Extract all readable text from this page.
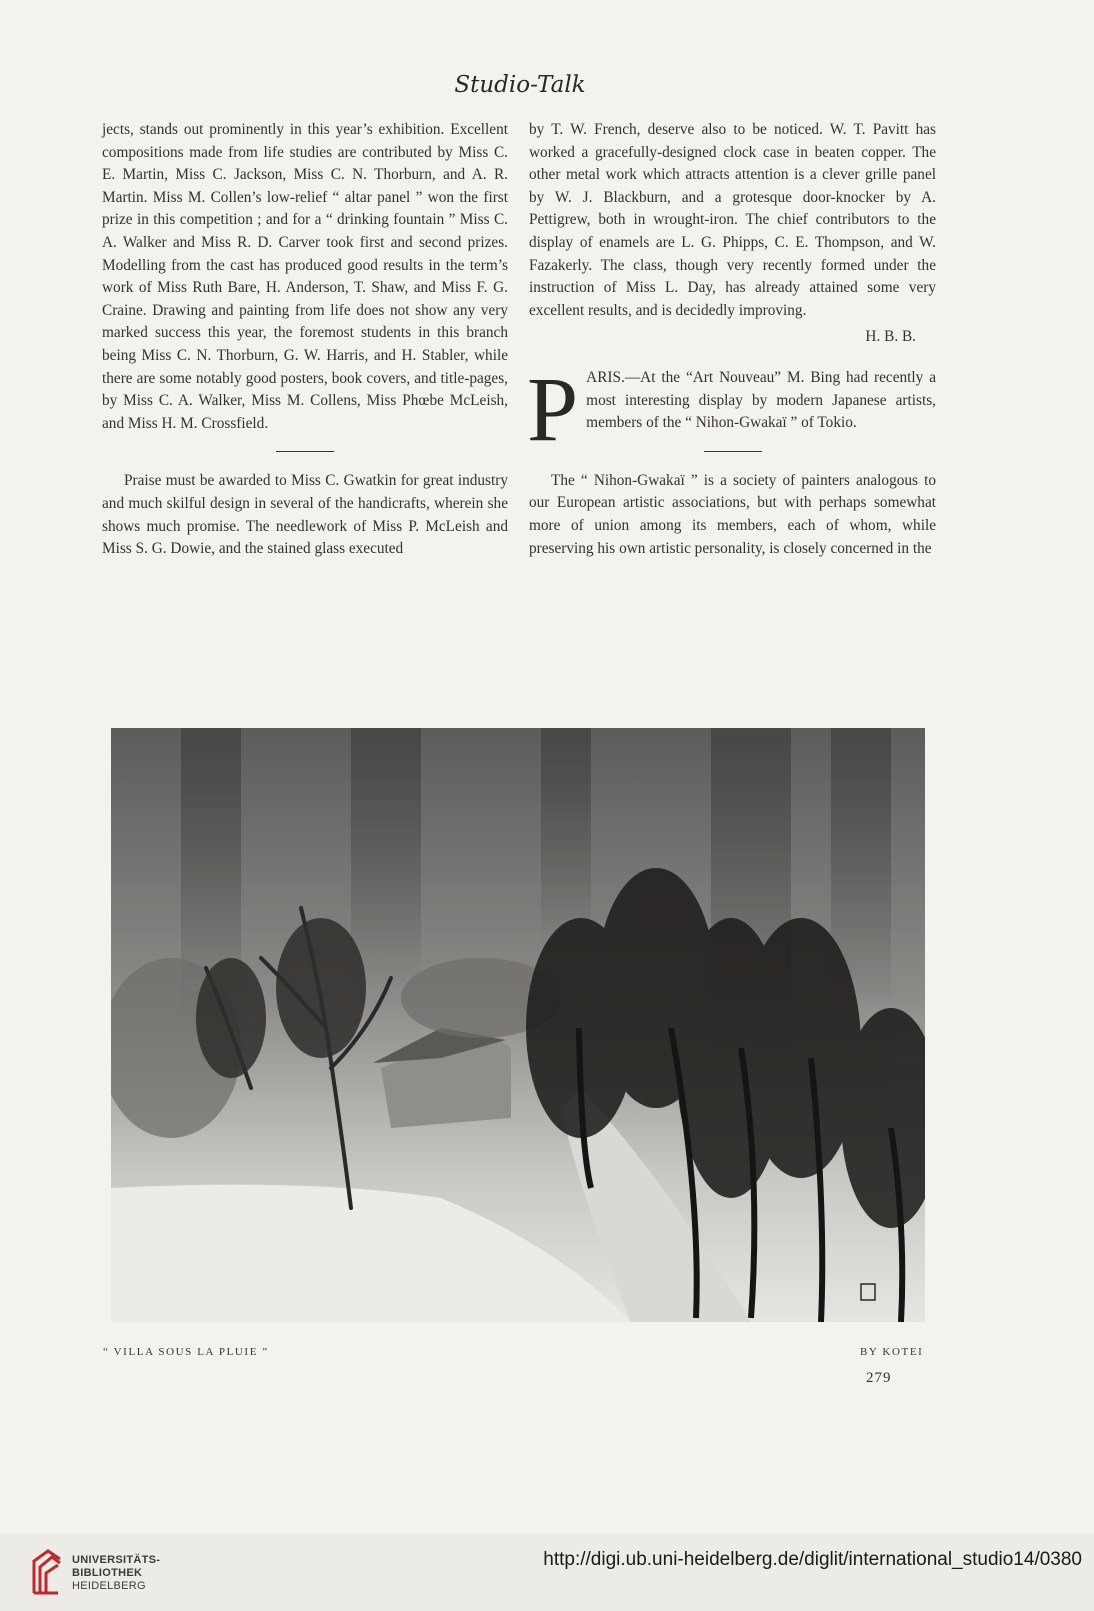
Studio-Talk

jects, stands out prominently in this year’s exhibition. Excellent compositions made from life studies are contributed by Miss C. E. Martin, Miss C. Jackson, Miss C. N. Thorburn, and A. R. Martin. Miss M. Collen’s low-relief “ altar panel ” won the first prize in this competition ; and for a “ drinking fountain ” Miss C. A. Walker and Miss R. D. Carver took first and second prizes. Modelling from the cast has produced good results in the term’s work of Miss Ruth Bare, H. Anderson, T. Shaw, and Miss F. G. Craine. Drawing and painting from life does not show any very marked success this year, the foremost students in this branch being Miss C. N. Thorburn, G. W. Harris, and H. Stabler, while there are some notably good posters, book covers, and title-pages, by Miss C. A. Walker, Miss M. Collens, Miss Phœbe McLeish, and Miss H. M. Crossfield.

Praise must be awarded to Miss C. Gwatkin for great industry and much skilful design in several of the handicrafts, wherein she shows much promise. The needlework of Miss P. McLeish and Miss S. G. Dowie, and the stained glass executed

by T. W. French, deserve also to be noticed. W. T. Pavitt has worked a gracefully-designed clock case in beaten copper. The other metal work which attracts attention is a clever grille panel by W. J. Blackburn, and a grotesque door-knocker by A. Pettigrew, both in wrought-iron. The chief contributors to the display of enamels are L. G. Phipps, C. E. Thompson, and W. Fazakerly. The class, though very recently formed under the instruction of Miss L. Day, has already attained some very excellent results, and is decidedly improving.

H. B. B.

P ARIS.—At the “Art Nouveau” M. Bing had recently a most interesting display by modern Japanese artists, members of the “ Nihon-Gwakaï ” of Tokio.

The “ Nihon-Gwakaï ” is a society of painters analogous to our European artistic associations, but with perhaps somewhat more of union among its members, each of whom, while preserving his own artistic personality, is closely concerned in the

“ VILLA SOUS LA PLUIE ”	BY KOTEI
279
UNIVERSITÄTS-
BIBLIOTHEK
HEIDELBERG
http://digi.ub.uni-heidelberg.de/diglit/international_studio14/0380
